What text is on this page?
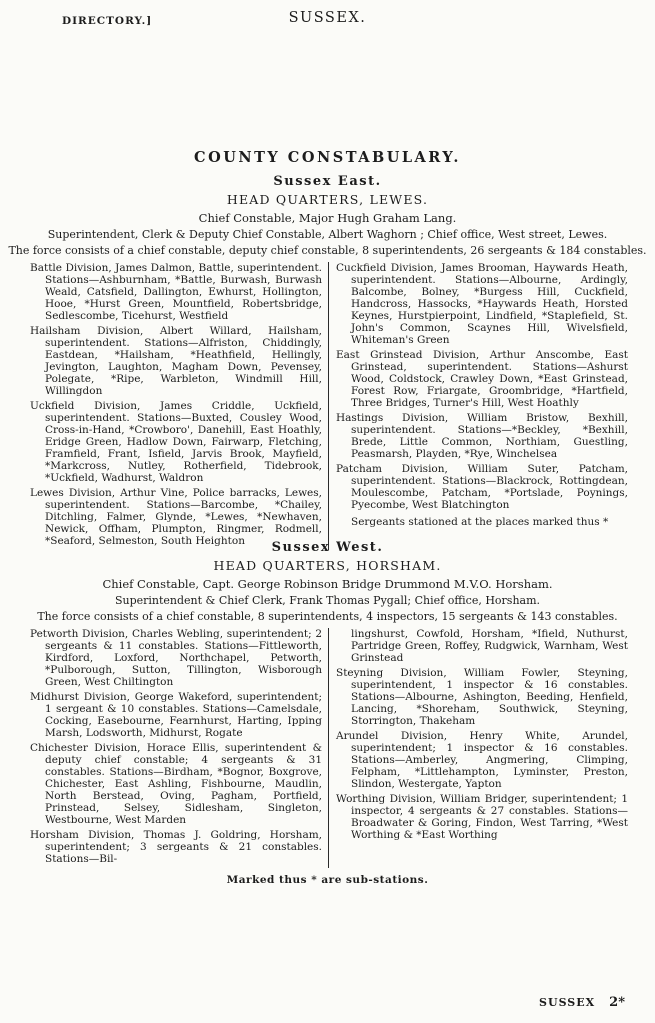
DIRECTORY.]	SUSSEX.
COUNTY CONSTABULARY.
Sussex East.
HEAD QUARTERS, LEWES.
Chief Constable, Major Hugh Graham Lang.
Superintendent, Clerk & Deputy Chief Constable, Albert Waghorn ; Chief office, West street, Lewes.
The force consists of a chief constable, deputy chief constable, 8 superintendents, 26 sergeants & 184 constables.

Battle Division, James Dalmon, Battle, superintendent. Stations—Ashburnham, *Battle, Burwash, Burwash Weald, Catsfield, Dallington, Ewhurst, Hollington, Hooe, *Hurst Green, Mountfield, Robertsbridge, Sedlescombe, Ticehurst, Westfield

Hailsham Division, Albert Willard, Hailsham, superintendent. Stations—Alfriston, Chiddingly, Eastdean, *Hailsham, *Heathfield, Hellingly, Jevington, Laughton, Magham Down, Pevensey, Polegate, *Ripe, Warbleton, Windmill Hill, Willingdon

Uckfield Division, James Criddle, Uckfield, superintendent. Stations—Buxted, Cousley Wood, Cross-in-Hand, *Crowboro', Danehill, East Hoathly, Eridge Green, Hadlow Down, Fairwarp, Fletching, Framfield, Frant, Isfield, Jarvis Brook, Mayfield, *Markcross, Nutley, Rotherfield, Tidebrook, *Uckfield, Wadhurst, Waldron

Lewes Division, Arthur Vine, Police barracks, Lewes, superintendent. Stations—Barcombe, *Chailey, Ditchling, Falmer, Glynde, *Lewes, *Newhaven, Newick, Offham, Plumpton, Ringmer, Rodmell, *Seaford, Selmeston, South Heighton

Cuckfield Division, James Brooman, Haywards Heath, superintendent. Stations—Albourne, Ardingly, Balcombe, Bolney, *Burgess Hill, Cuckfield, Handcross, Hassocks, *Haywards Heath, Horsted Keynes, Hurstpierpoint, Lindfield, *Staplefield, St. John's Common, Scaynes Hill, Wivelsfield, Whiteman's Green

East Grinstead Division, Arthur Anscombe, East Grinstead, superintendent. Stations—Ashurst Wood, Coldstock, Crawley Down, *East Grinstead, Forest Row, Friargate, Groombridge, *Hartfield, Three Bridges, Turner's Hill, West Hoathly

Hastings Division, William Bristow, Bexhill, superintendent. Stations—*Beckley, *Bexhill, Brede, Little Common, Northiam, Guestling, Peasmarsh, Playden, *Rye, Winchelsea

Patcham Division, William Suter, Patcham, superintendent. Stations—Blackrock, Rottingdean, Moulescombe, Patcham, *Portslade, Poynings, Pyecombe, West Blatchington

Sergeants stationed at the places marked thus *

Sussex West.
HEAD QUARTERS, HORSHAM.
Chief Constable, Capt. George Robinson Bridge Drummond M.V.O. Horsham.
Superintendent & Chief Clerk, Frank Thomas Pygall; Chief office, Horsham.
The force consists of a chief constable, 8 superintendents, 4 inspectors, 15 sergeants & 143 constables.

Petworth Division, Charles Webling, superintendent; 2 sergeants & 11 constables. Stations—Fittleworth, Kirdford, Loxford, Northchapel, Petworth, *Pulborough, Sutton, Tillington, Wisborough Green, West Chiltington

Midhurst Division, George Wakeford, superintendent; 1 sergeant & 10 constables. Stations—Camelsdale, Cocking, Easebourne, Fearnhurst, Harting, Ipping Marsh, Lodsworth, Midhurst, Rogate

Chichester Division, Horace Ellis, superintendent & deputy chief constable; 4 sergeants & 31 constables. Stations—Birdham, *Bognor, Boxgrove, Chichester, East Ashling, Fishbourne, Maudlin, North Berstead, Oving, Pagham, Portfield, Prinstead, Selsey, Sidlesham, Singleton, Westbourne, West Marden

Horsham Division, Thomas J. Goldring, Horsham, superintendent; 3 sergeants & 21 constables. Stations—Bil-

lingshurst, Cowfold, Horsham, *Ifield, Nuthurst, Partridge Green, Roffey, Rudgwick, Warnham, West Grinstead

Steyning Division, William Fowler, Steyning, superintendent, 1 inspector & 16 constables. Stations—Albourne, Ashington, Beeding, Henfield, Lancing, *Shoreham, Southwick, Steyning, Storrington, Thakeham

Arundel Division, Henry White, Arundel, superintendent; 1 inspector & 16 constables. Stations—Amberley, Angmering, Climping, Felpham, *Littlehampton, Lyminster, Preston, Slindon, Westergate, Yapton

Worthing Division, William Bridger, superintendent; 1 inspector, 4 sergeants & 27 constables. Stations—Broadwater & Goring, Findon, West Tarring, *West Worthing & *East Worthing

Marked thus * are sub-stations.
SUSSEX 2*
